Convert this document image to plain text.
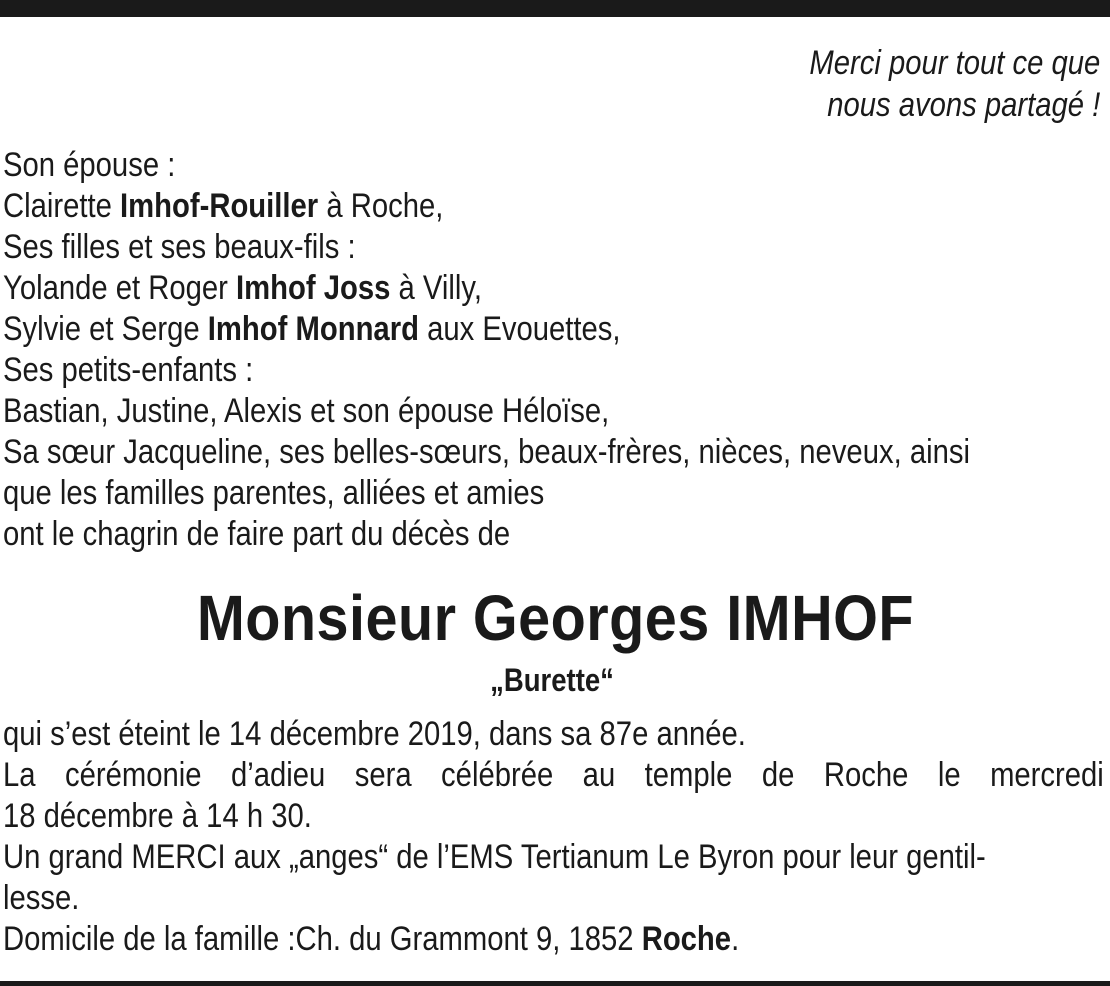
Merci pour tout ce que
nous avons partagé !
Son épouse :
Clairette Imhof-Rouiller à Roche,
Ses filles et ses beaux-fils :
Yolande et Roger Imhof Joss à Villy,
Sylvie et Serge Imhof Monnard aux Evouettes,
Ses petits-enfants :
Bastian, Justine, Alexis et son épouse Héloïse,
Sa sœur Jacqueline, ses belles-sœurs, beaux-frères, nièces, neveux, ainsi
que les familles parentes, alliées et amies
ont le chagrin de faire part du décès de
Monsieur Georges IMHOF
„Burette“
qui s’est éteint le 14 décembre 2019, dans sa 87e année.
La cérémonie d’adieu sera célébrée au temple de Roche le mercredi
18 décembre à 14 h 30.
Un grand MERCI aux „anges“ de l’EMS Tertianum Le Byron pour leur gentil-
lesse.
Domicile de la famille :Ch. du Grammont 9, 1852 Roche.
